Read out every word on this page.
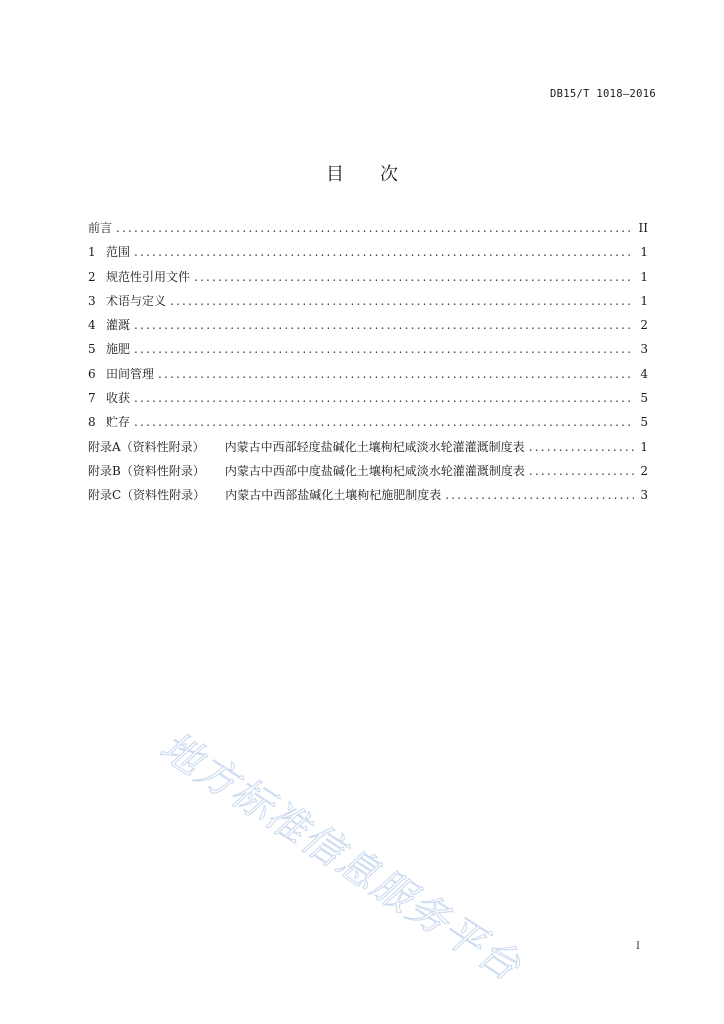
DB15/T 1018—2016
目 次
前言 .....	II
1 范围 .....	1
2 规范性引用文件 .....	1
3 术语与定义 .....	1
4 灌溉 .....	2
5 施肥 .....	3
6 田间管理 .....	4
7 收获 .....	5
8 贮存 .....	5
附录A（资料性附录） 内蒙古中西部轻度盐碱化土壤枸杞咸淡水轮灌灌溉制度表 .....	1
附录B（资料性附录） 内蒙古中西部中度盐碱化土壤枸杞咸淡水轮灌灌溉制度表 .....	2
附录C（资料性附录） 内蒙古中西部盐碱化土壤枸杞施肥制度表 .....	3
地方标准信息服务平台	I
